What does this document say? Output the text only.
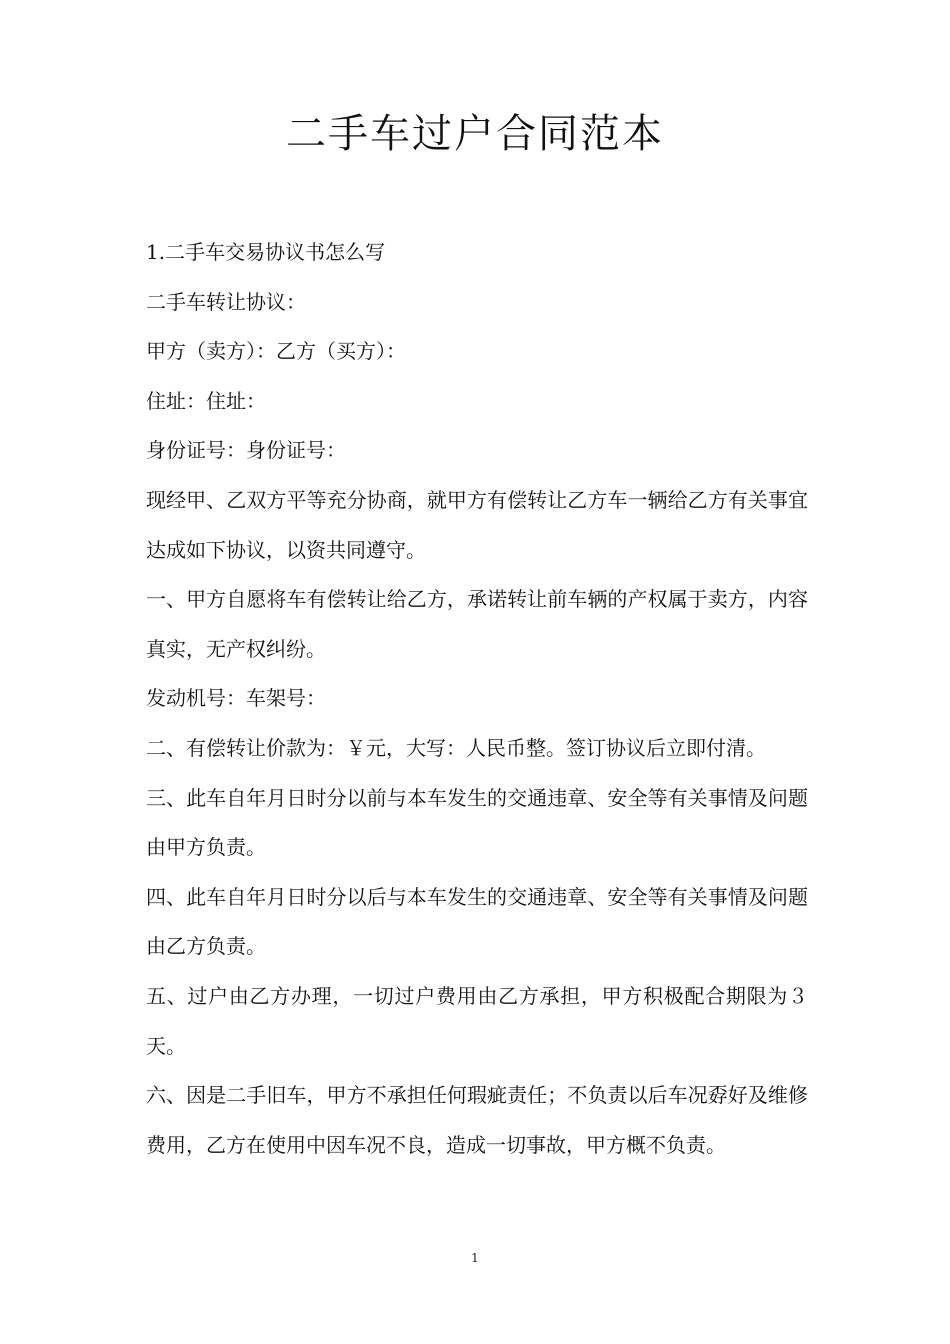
二手车过户合同范本

1.二手车交易协议书怎么写

二手车转让协议：

甲方（卖方）：乙方（买方）：

住址：住址：

身份证号：身份证号：

现经甲、乙双方平等充分协商，就甲方有偿转让乙方车一辆给乙方有关事宜达成如下协议，以资共同遵守。

一、甲方自愿将车有偿转让给乙方，承诺转让前车辆的产权属于卖方，内容真实，无产权纠纷。

发动机号：车架号：

二、有偿转让价款为：￥元，大写：人民币整。签订协议后立即付清。

三、此车自年月日时分以前与本车发生的交通违章、安全等有关事情及问题由甲方负责。

四、此车自年月日时分以后与本车发生的交通违章、安全等有关事情及问题由乙方负责。

五、过户由乙方办理，一切过户费用由乙方承担，甲方积极配合期限为３天。

六、因是二手旧车，甲方不承担任何瑕疵责任；不负责以后车况孬好及维修费用，乙方在使用中因车况不良，造成一切事故，甲方概不负责。

1
